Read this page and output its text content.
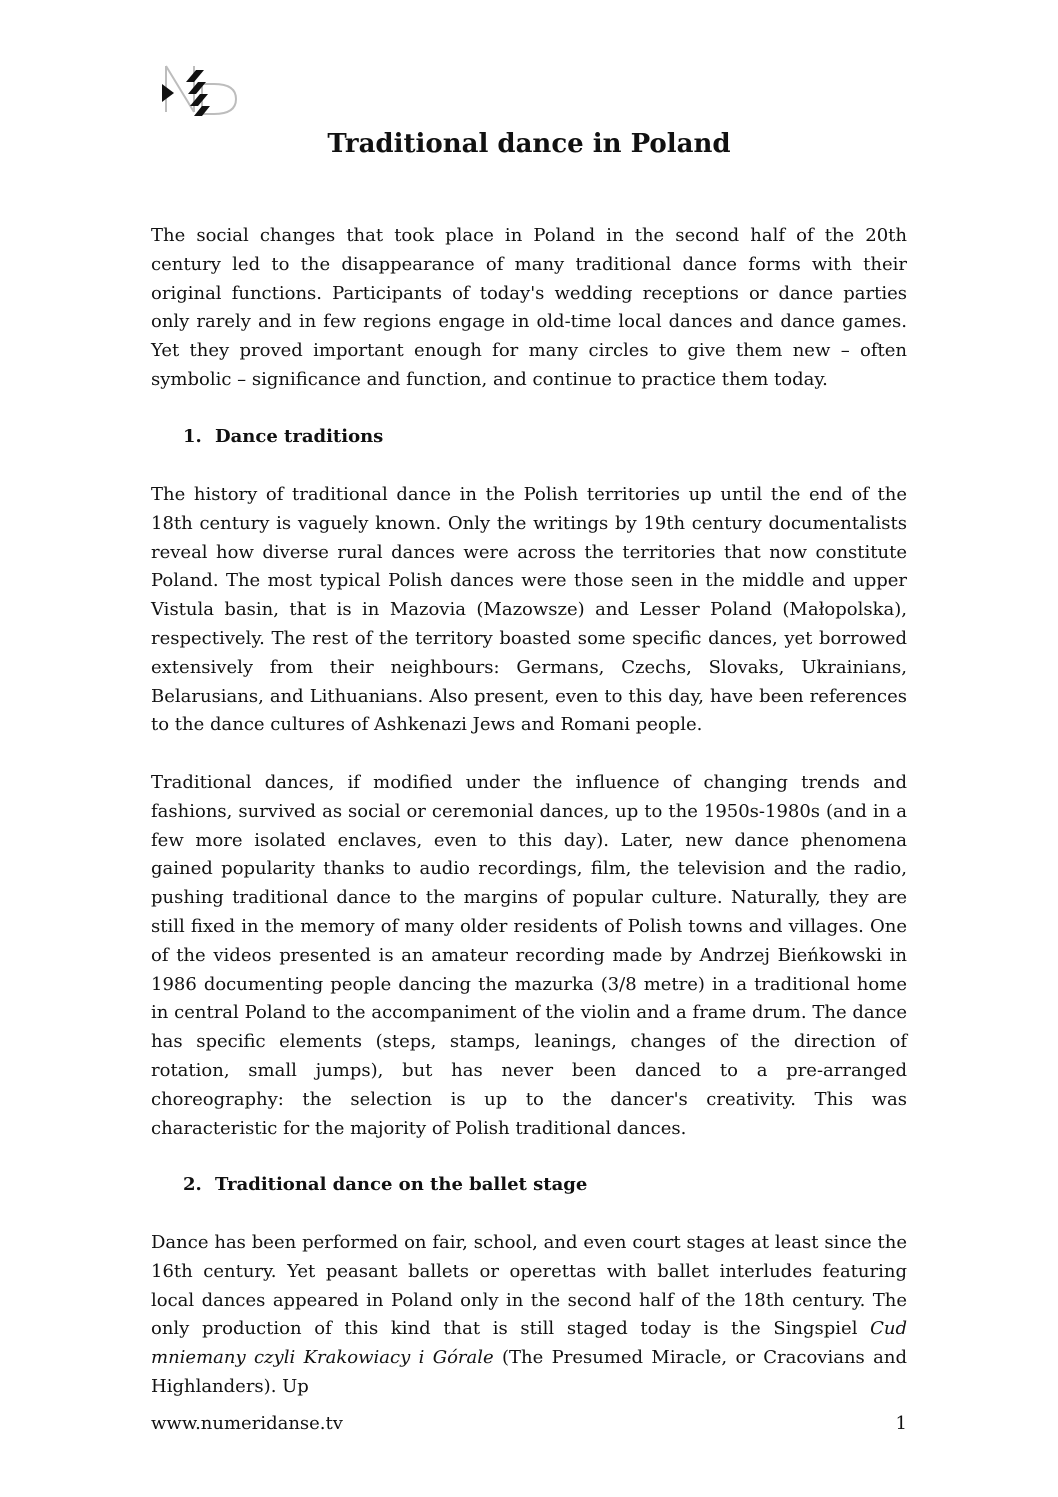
Traditional dance in Poland

The social changes that took place in Poland in the second half of the 20th century led to the disappearance of many traditional dance forms with their original functions. Participants of today's wedding receptions or dance parties only rarely and in few regions engage in old-time local dances and dance games. Yet they proved important enough for many circles to give them new – often symbolic – significance and function, and continue to practice them today.

1. Dance traditions

The history of traditional dance in the Polish territories up until the end of the 18th century is vaguely known. Only the writings by 19th century documentalists reveal how diverse rural dances were across the territories that now constitute Poland. The most typical Polish dances were those seen in the middle and upper Vistula basin, that is in Mazovia (Mazowsze) and Lesser Poland (Małopolska), respectively. The rest of the territory boasted some specific dances, yet borrowed extensively from their neighbours: Germans, Czechs, Slovaks, Ukrainians, Belarusians, and Lithuanians. Also present, even to this day, have been references to the dance cultures of Ashkenazi Jews and Romani people.

Traditional dances, if modified under the influence of changing trends and fashions, survived as social or ceremonial dances, up to the 1950s-1980s (and in a few more isolated enclaves, even to this day). Later, new dance phenomena gained popularity thanks to audio recordings, film, the television and the radio, pushing traditional dance to the margins of popular culture. Naturally, they are still fixed in the memory of many older residents of Polish towns and villages. One of the videos presented is an amateur recording made by Andrzej Bieńkowski in 1986 documenting people dancing the mazurka (3/8 metre) in a traditional home in central Poland to the accompaniment of the violin and a frame drum. The dance has specific elements (steps, stamps, leanings, changes of the direction of rotation, small jumps), but has never been danced to a pre-arranged choreography: the selection is up to the dancer's creativity. This was characteristic for the majority of Polish traditional dances.

2. Traditional dance on the ballet stage

Dance has been performed on fair, school, and even court stages at least since the 16th century. Yet peasant ballets or operettas with ballet interludes featuring local dances appeared in Poland only in the second half of the 18th century. The only production of this kind that is still staged today is the Singspiel Cud mniemany czyli Krakowiacy i Górale (The Presumed Miracle, or Cracovians and Highlanders). Up

www.numeridanse.tv	1
